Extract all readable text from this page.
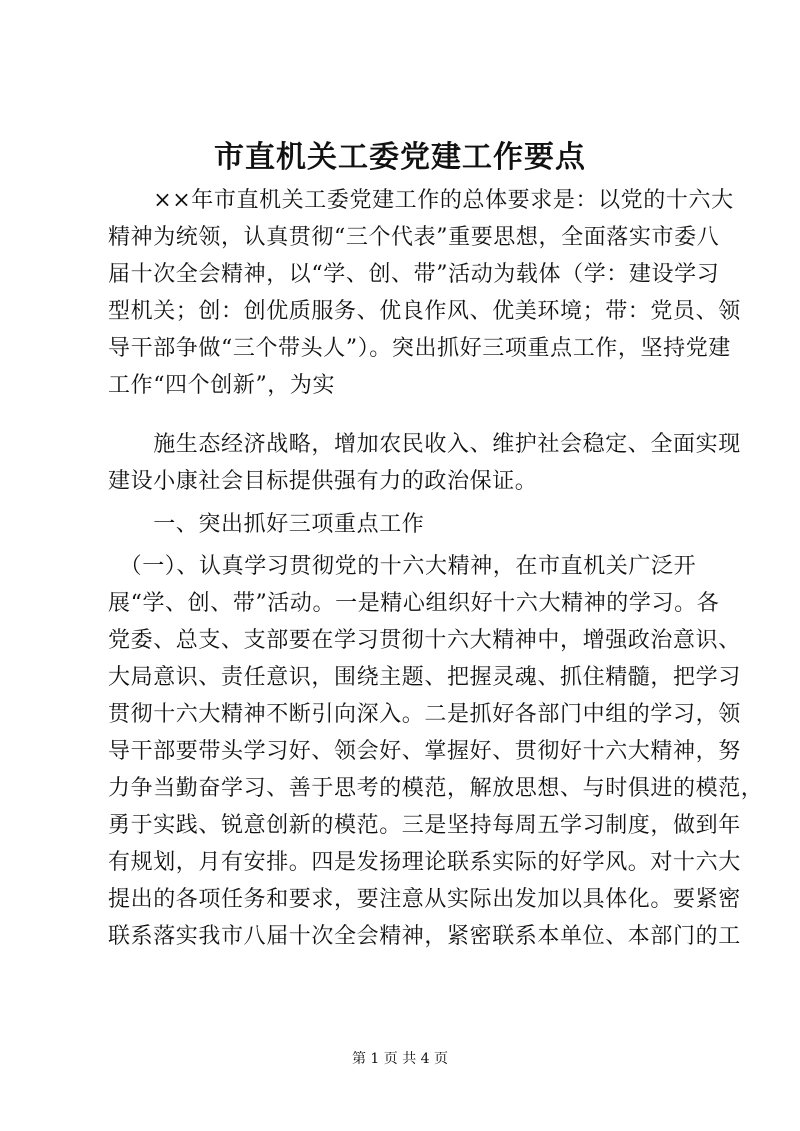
市直机关工委党建工作要点
　　××年市直机关工委党建工作的总体要求是：以党的十六大
精神为统领，认真贯彻“三个代表”重要思想，全面落实市委八
届十次全会精神，以“学、创、带”活动为载体（学：建设学习
型机关；创：创优质服务、优良作风、优美环境；带：党员、领
导干部争做“三个带头人”）。突出抓好三项重点工作，坚持党建
工作“四个创新”，为实
　　施生态经济战略，增加农民收入、维护社会稳定、全面实现
建设小康社会目标提供强有力的政治保证。
　　一、突出抓好三项重点工作
　（一）、认真学习贯彻党的十六大精神，在市直机关广泛开
展“学、创、带”活动。一是精心组织好十六大精神的学习。各
党委、总支、支部要在学习贯彻十六大精神中，增强政治意识、
大局意识、责任意识，围绕主题、把握灵魂、抓住精髓，把学习
贯彻十六大精神不断引向深入。二是抓好各部门中组的学习，领
导干部要带头学习好、领会好、掌握好、贯彻好十六大精神，努
力争当勤奋学习、善于思考的模范，解放思想、与时俱进的模范，
勇于实践、锐意创新的模范。三是坚持每周五学习制度，做到年
有规划，月有安排。四是发扬理论联系实际的好学风。对十六大
提出的各项任务和要求，要注意从实际出发加以具体化。要紧密
联系落实我市八届十次全会精神，紧密联系本单位、本部门的工
第 1 页 共 4 页
